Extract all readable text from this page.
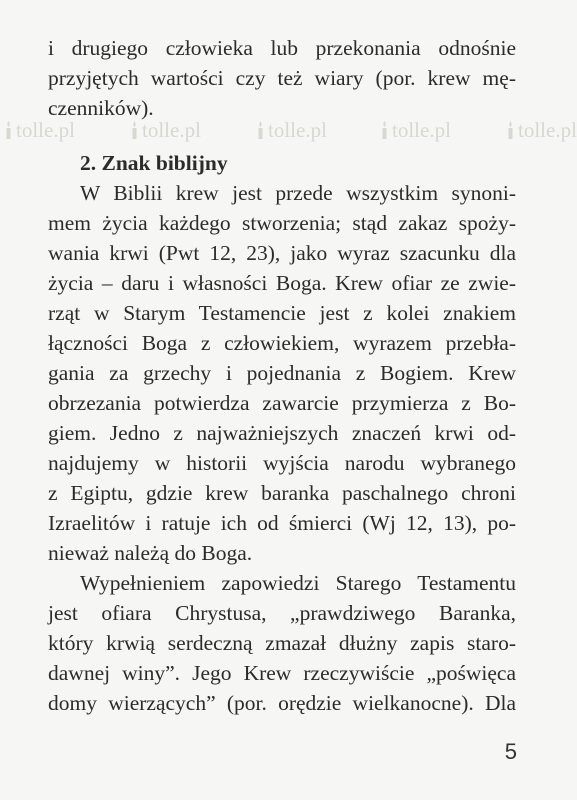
tolle.pl	tolle.pl	tolle.pl	tolle.pl	tolle.pl
i drugiego człowieka lub przekonania odnośnie
przyjętych wartości czy też wiary (por. krew mę-
czenników).
2. Znak biblijny
W Biblii krew jest przede wszystkim synoni-
mem życia każdego stworzenia; stąd zakaz spoży-
wania krwi (Pwt 12, 23), jako wyraz szacunku dla
życia – daru i własności Boga. Krew ofiar ze zwie-
rząt w Starym Testamencie jest z kolei znakiem
łączności Boga z człowiekiem, wyrazem przebła-
gania za grzechy i pojednania z Bogiem. Krew
obrzezania potwierdza zawarcie przymierza z Bo-
giem. Jedno z najważniejszych znaczeń krwi od-
najdujemy w historii wyjścia narodu wybranego
z Egiptu, gdzie krew baranka paschalnego chroni
Izraelitów i ratuje ich od śmierci (Wj 12, 13), po-
nieważ należą do Boga.
Wypełnieniem zapowiedzi Starego Testamentu
jest ofiara Chrystusa, „prawdziwego Baranka,
który krwią serdeczną zmazał dłużny zapis staro-
dawnej winy”. Jego Krew rzeczywiście „poświęca
domy wierzących” (por. orędzie wielkanocne). Dla
5
